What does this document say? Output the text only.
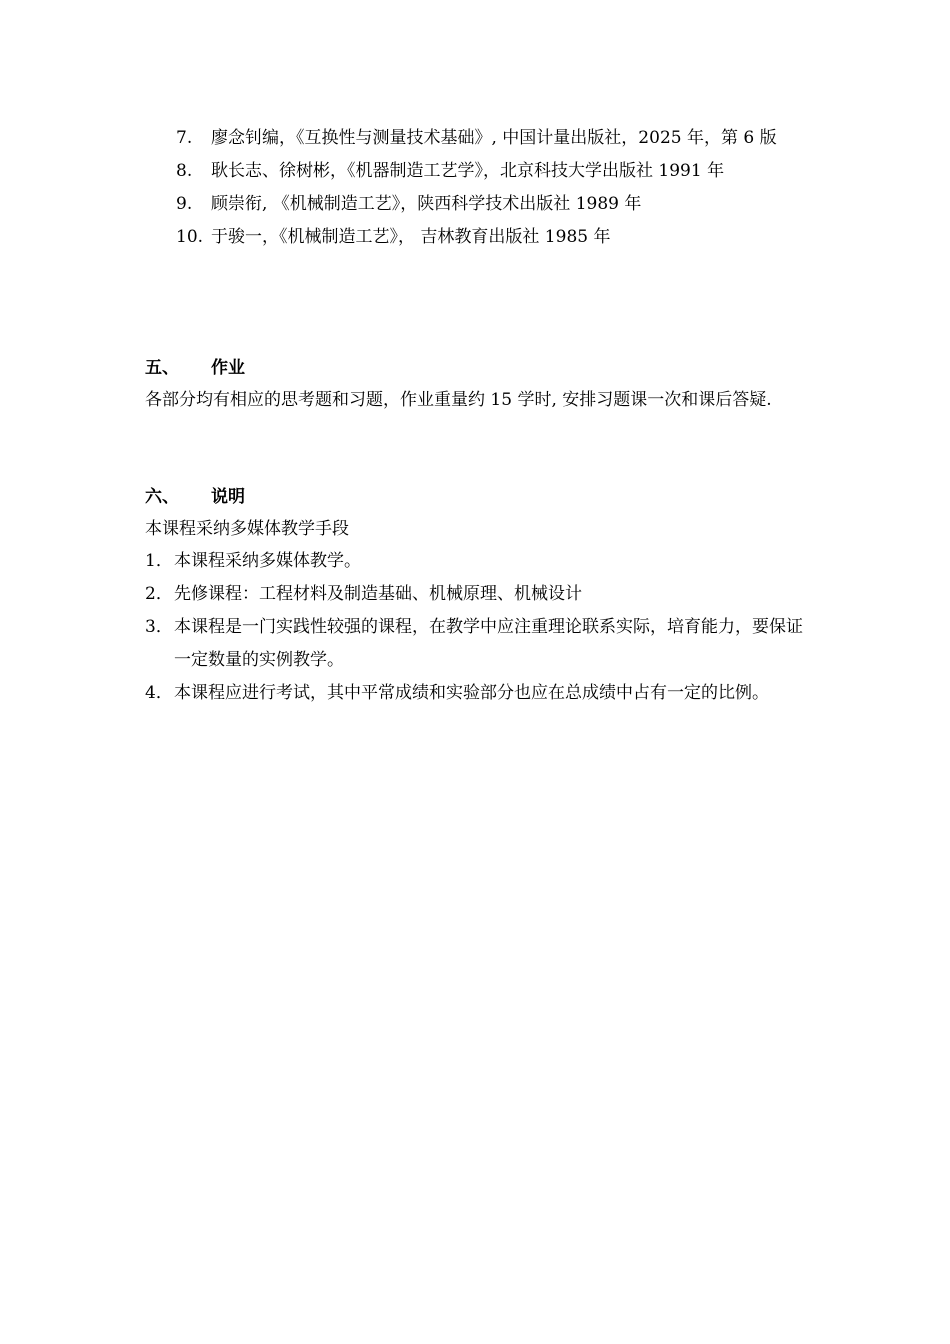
7.	廖念钊编，《互换性与测量技术基础》, 中国计量出版社，2025 年，第 6 版
8.	耿长志、徐树彬，《机器制造工艺学》，北京科技大学出版社 1991 年
9.	顾崇衔, 《机械制造工艺》，陕西科学技术出版社 1989 年
10. 于骏一，《机械制造工艺》， 吉林教育出版社 1985 年
五、 作业

各部分均有相应的思考题和习题，作业重量约 15 学时, 安排习题课一次和课后答疑.

六、 说明

本课程采纳多媒体教学手段

1． 本课程采纳多媒体教学。
2． 先修课程：工程材料及制造基础、机械原理、机械设计
3． 本课程是一门实践性较强的课程，在教学中应注重理论联系实际，培育能力，要保证一定数量的实例教学。
4． 本课程应进行考试，其中平常成绩和实验部分也应在总成绩中占有一定的比例。
